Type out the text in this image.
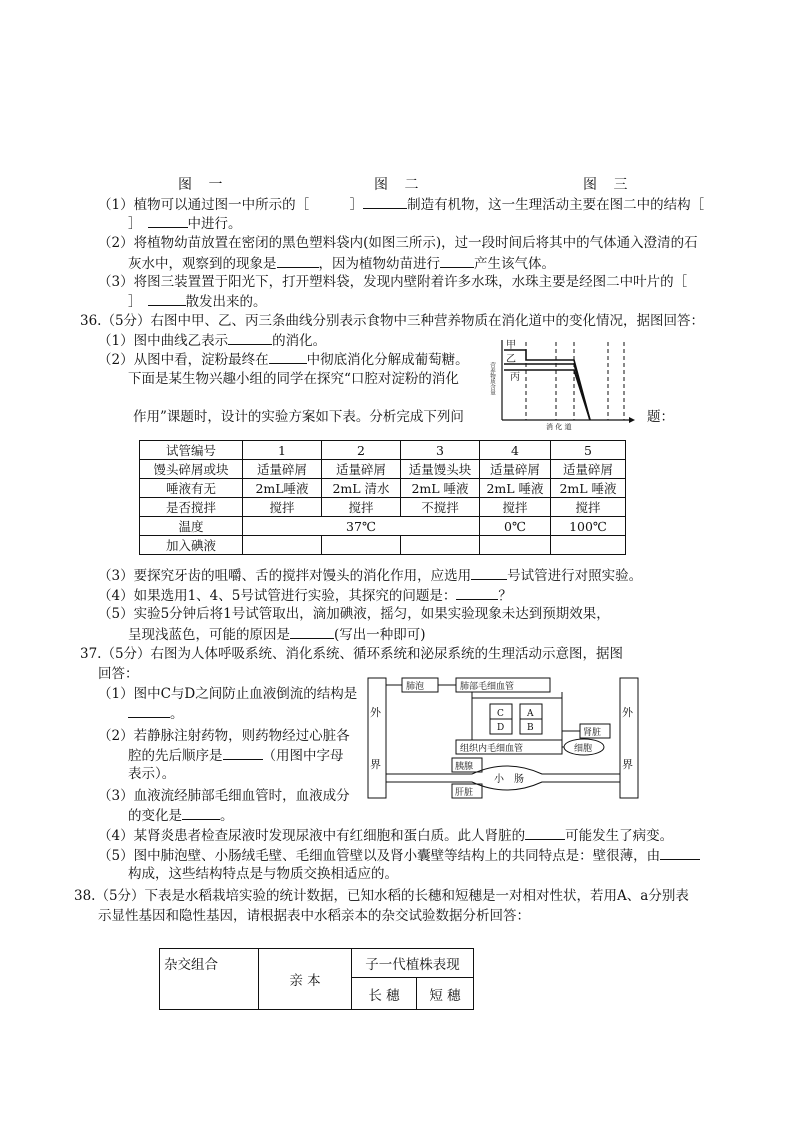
图 一	图 二	图 三
（1）植物可以通过图一中所示的［　　　］	制造有机物，这一生理活动主要在图二中的结构［
］	中进行。
（2）将植物幼苗放置在密闭的黑色塑料袋内(如图三所示)，过一段时间后将其中的气体通入澄清的石
灰水中，观察到的现象是	，因为植物幼苗进行	产生该气体。
（3）将图三装置置于阳光下，打开塑料袋，发现内壁附着许多水珠，水珠主要是经图二中叶片的［
］	散发出来的。
36.（5分）右图中甲、乙、丙三条曲线分别表示食物中三种营养物质在消化道中的变化情况，据图回答：
（1）图中曲线乙表示	的消化。
（2）从图中看，淀粉最终在	中彻底消化分解成葡萄糖。
下面是某生物兴趣小组的同学在探究“口腔对淀粉的消化
作用”课题时，设计的实验方案如下表。分析完成下列问	题：
甲
乙
丙
营养物质含量
消 化 道
试管编号	1	2	3	4	5
馒头碎屑或块	适量碎屑	适量碎屑	适量馒头块	适量碎屑	适量碎屑
唾液有无	2mL唾液	2mL 清水	2mL 唾液	2mL 唾液	2mL 唾液
是否搅拌	搅拌	搅拌	不搅拌	搅拌	搅拌
温度	37℃			0℃	100℃
加入碘液					
（3）要探究牙齿的咀嚼、舌的搅拌对馒头的消化作用，应选用	号试管进行对照实验。
（4）如果选用1、4、5号试管进行实验，其探究的问题是：	？
（5）实验5分钟后将1号试管取出，滴加碘液，摇匀，如果实验现象未达到预期效果，
呈现浅蓝色，可能的原因是	(写出一种即可)
37.（5分）右图为人体呼吸系统、消化系统、循环系统和泌尿系统的生理活动示意图，据图
回答：
（1）图中C与D之间防止血液倒流的结构是
。
（2）若静脉注射药物，则药物经过心脏各
腔的先后顺序是	（用图中字母
表示）。
（3）血液流经肺部毛细血管时，血液成分
的变化是	。
（4）某肾炎患者检查尿液时发现尿液中有红细胞和蛋白质。此人肾脏的	可能发生了病变。
（5）图中肺泡壁、小肠绒毛壁、毛细血管壁以及肾小囊壁等结构上的共同特点是：壁很薄，由
构成，这些结构特点是与物质交换相适应的。
外
界
外
界
肺泡	肺部毛细血管
C
D
A
B	肾脏
组织内毛细血管	细胞
胰腺
小　肠
肝脏
38.（5分）下表是水稻栽培实验的统计数据，已知水稻的长穗和短穗是一对相对性状，若用A、a分别表
示显性基因和隐性基因，请根据表中水稻亲本的杂交试验数据分析回答：
杂交组合	亲 本	子一代植株表现	
		长 穗	短 穗
